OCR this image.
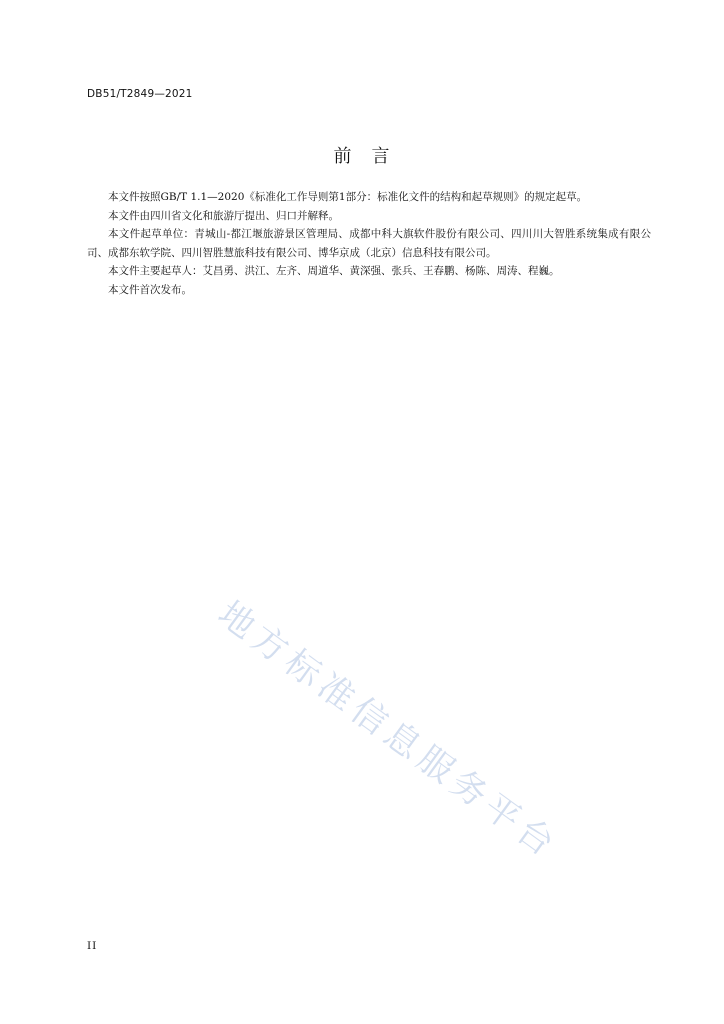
DB51/T2849—2021
前　言

本文件按照GB/T 1.1—2020《标准化工作导则第1部分：标准化文件的结构和起草规则》的规定起草。

本文件由四川省文化和旅游厅提出、归口并解释。

本文件起草单位：青城山-都江堰旅游景区管理局、成都中科大旗软件股份有限公司、四川川大智胜系统集成有限公司、成都东软学院、四川智胜慧旅科技有限公司、博华京成（北京）信息科技有限公司。

本文件主要起草人：艾昌勇、洪江、左齐、周道华、黄深强、张兵、王春鹏、杨陈、周涛、程巍。

本文件首次发布。

地方标准信息服务平台
II
